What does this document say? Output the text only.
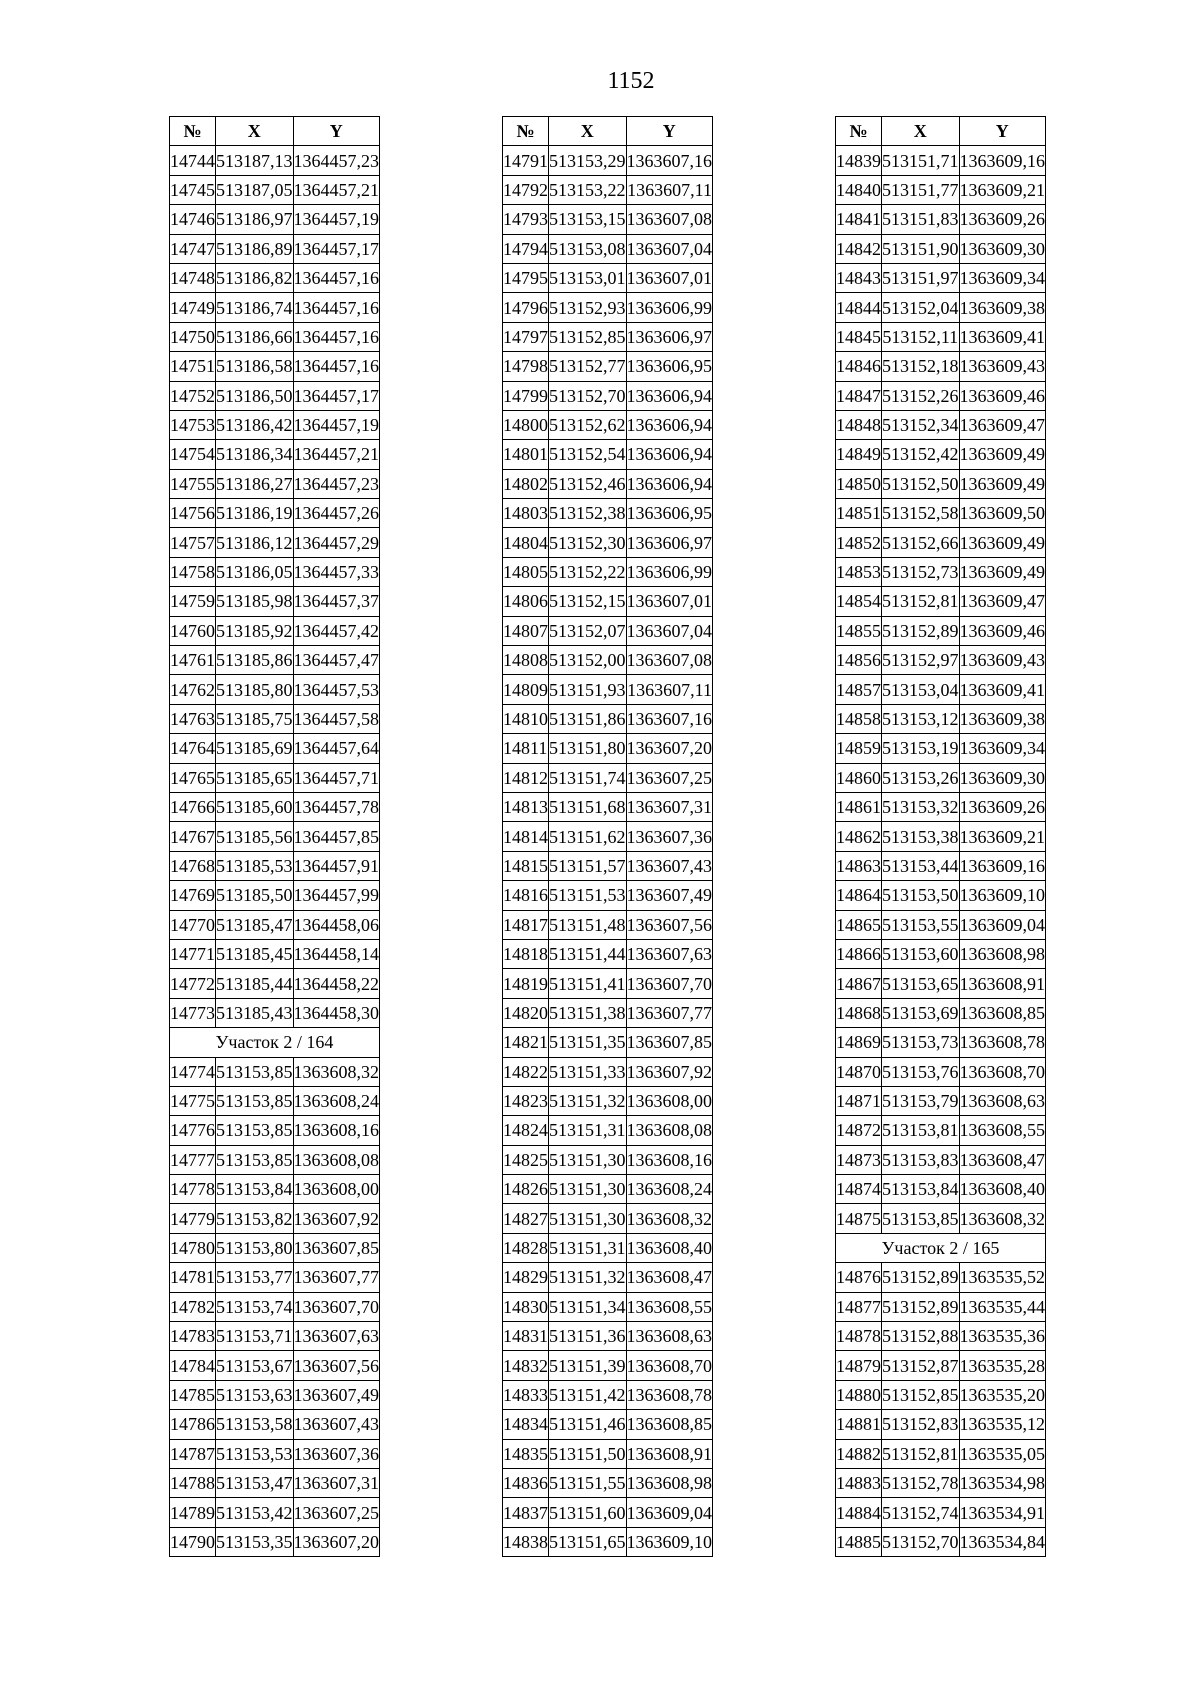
1152
№	X	Y
14744	513187,13	1364457,23
14745	513187,05	1364457,21
14746	513186,97	1364457,19
14747	513186,89	1364457,17
14748	513186,82	1364457,16
14749	513186,74	1364457,16
14750	513186,66	1364457,16
14751	513186,58	1364457,16
14752	513186,50	1364457,17
14753	513186,42	1364457,19
14754	513186,34	1364457,21
14755	513186,27	1364457,23
14756	513186,19	1364457,26
14757	513186,12	1364457,29
14758	513186,05	1364457,33
14759	513185,98	1364457,37
14760	513185,92	1364457,42
14761	513185,86	1364457,47
14762	513185,80	1364457,53
14763	513185,75	1364457,58
14764	513185,69	1364457,64
14765	513185,65	1364457,71
14766	513185,60	1364457,78
14767	513185,56	1364457,85
14768	513185,53	1364457,91
14769	513185,50	1364457,99
14770	513185,47	1364458,06
14771	513185,45	1364458,14
14772	513185,44	1364458,22
14773	513185,43	1364458,30
Участок 2 / 164		
14774	513153,85	1363608,32
14775	513153,85	1363608,24
14776	513153,85	1363608,16
14777	513153,85	1363608,08
14778	513153,84	1363608,00
14779	513153,82	1363607,92
14780	513153,80	1363607,85
14781	513153,77	1363607,77
14782	513153,74	1363607,70
14783	513153,71	1363607,63
14784	513153,67	1363607,56
14785	513153,63	1363607,49
14786	513153,58	1363607,43
14787	513153,53	1363607,36
14788	513153,47	1363607,31
14789	513153,42	1363607,25
14790	513153,35	1363607,20
№	X	Y
14791	513153,29	1363607,16
14792	513153,22	1363607,11
14793	513153,15	1363607,08
14794	513153,08	1363607,04
14795	513153,01	1363607,01
14796	513152,93	1363606,99
14797	513152,85	1363606,97
14798	513152,77	1363606,95
14799	513152,70	1363606,94
14800	513152,62	1363606,94
14801	513152,54	1363606,94
14802	513152,46	1363606,94
14803	513152,38	1363606,95
14804	513152,30	1363606,97
14805	513152,22	1363606,99
14806	513152,15	1363607,01
14807	513152,07	1363607,04
14808	513152,00	1363607,08
14809	513151,93	1363607,11
14810	513151,86	1363607,16
14811	513151,80	1363607,20
14812	513151,74	1363607,25
14813	513151,68	1363607,31
14814	513151,62	1363607,36
14815	513151,57	1363607,43
14816	513151,53	1363607,49
14817	513151,48	1363607,56
14818	513151,44	1363607,63
14819	513151,41	1363607,70
14820	513151,38	1363607,77
14821	513151,35	1363607,85
14822	513151,33	1363607,92
14823	513151,32	1363608,00
14824	513151,31	1363608,08
14825	513151,30	1363608,16
14826	513151,30	1363608,24
14827	513151,30	1363608,32
14828	513151,31	1363608,40
14829	513151,32	1363608,47
14830	513151,34	1363608,55
14831	513151,36	1363608,63
14832	513151,39	1363608,70
14833	513151,42	1363608,78
14834	513151,46	1363608,85
14835	513151,50	1363608,91
14836	513151,55	1363608,98
14837	513151,60	1363609,04
14838	513151,65	1363609,10
№	X	Y
14839	513151,71	1363609,16
14840	513151,77	1363609,21
14841	513151,83	1363609,26
14842	513151,90	1363609,30
14843	513151,97	1363609,34
14844	513152,04	1363609,38
14845	513152,11	1363609,41
14846	513152,18	1363609,43
14847	513152,26	1363609,46
14848	513152,34	1363609,47
14849	513152,42	1363609,49
14850	513152,50	1363609,49
14851	513152,58	1363609,50
14852	513152,66	1363609,49
14853	513152,73	1363609,49
14854	513152,81	1363609,47
14855	513152,89	1363609,46
14856	513152,97	1363609,43
14857	513153,04	1363609,41
14858	513153,12	1363609,38
14859	513153,19	1363609,34
14860	513153,26	1363609,30
14861	513153,32	1363609,26
14862	513153,38	1363609,21
14863	513153,44	1363609,16
14864	513153,50	1363609,10
14865	513153,55	1363609,04
14866	513153,60	1363608,98
14867	513153,65	1363608,91
14868	513153,69	1363608,85
14869	513153,73	1363608,78
14870	513153,76	1363608,70
14871	513153,79	1363608,63
14872	513153,81	1363608,55
14873	513153,83	1363608,47
14874	513153,84	1363608,40
14875	513153,85	1363608,32
Участок 2 / 165		
14876	513152,89	1363535,52
14877	513152,89	1363535,44
14878	513152,88	1363535,36
14879	513152,87	1363535,28
14880	513152,85	1363535,20
14881	513152,83	1363535,12
14882	513152,81	1363535,05
14883	513152,78	1363534,98
14884	513152,74	1363534,91
14885	513152,70	1363534,84
